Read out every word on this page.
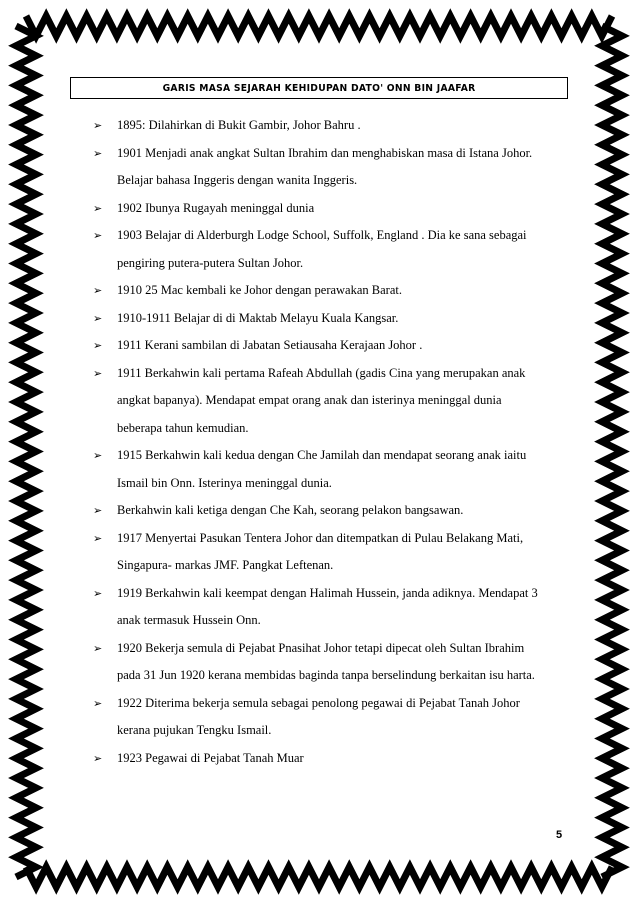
GARIS MASA SEJARAH KEHIDUPAN DATO' ONN BIN JAAFAR
➢ 1895: Dilahirkan di Bukit Gambir, Johor Bahru .
➢ 1901 Menjadi anak angkat Sultan Ibrahim dan menghabiskan masa di Istana Johor.
Belajar bahasa Inggeris dengan wanita Inggeris.
➢ 1902 Ibunya Rugayah meninggal dunia
➢ 1903 Belajar di Alderburgh Lodge School, Suffolk, England . Dia ke sana sebagai
pengiring putera-putera Sultan Johor.
➢ 1910 25 Mac kembali ke Johor dengan perawakan Barat.
➢ 1910-1911 Belajar di di Maktab Melayu Kuala Kangsar.
➢ 1911 Kerani sambilan di Jabatan Setiausaha Kerajaan Johor .
➢ 1911 Berkahwin kali pertama Rafeah Abdullah (gadis Cina yang merupakan anak
angkat bapanya). Mendapat empat orang anak dan isterinya meninggal dunia
beberapa tahun kemudian.
➢ 1915 Berkahwin kali kedua dengan Che Jamilah dan mendapat seorang anak iaitu
Ismail bin Onn. Isterinya meninggal dunia.
➢ Berkahwin kali ketiga dengan Che Kah, seorang pelakon bangsawan.
➢ 1917 Menyertai Pasukan Tentera Johor dan ditempatkan di Pulau Belakang Mati,
Singapura- markas JMF. Pangkat Leftenan.
➢ 1919 Berkahwin kali keempat dengan Halimah Hussein, janda adiknya. Mendapat 3
anak termasuk Hussein Onn.
➢ 1920 Bekerja semula di Pejabat Pnasihat Johor tetapi dipecat oleh Sultan Ibrahim
pada 31 Jun 1920 kerana membidas baginda tanpa berselindung berkaitan isu harta.
➢ 1922 Diterima bekerja semula sebagai penolong pegawai di Pejabat Tanah Johor
kerana pujukan Tengku Ismail.
➢ 1923 Pegawai di Pejabat Tanah Muar
5
